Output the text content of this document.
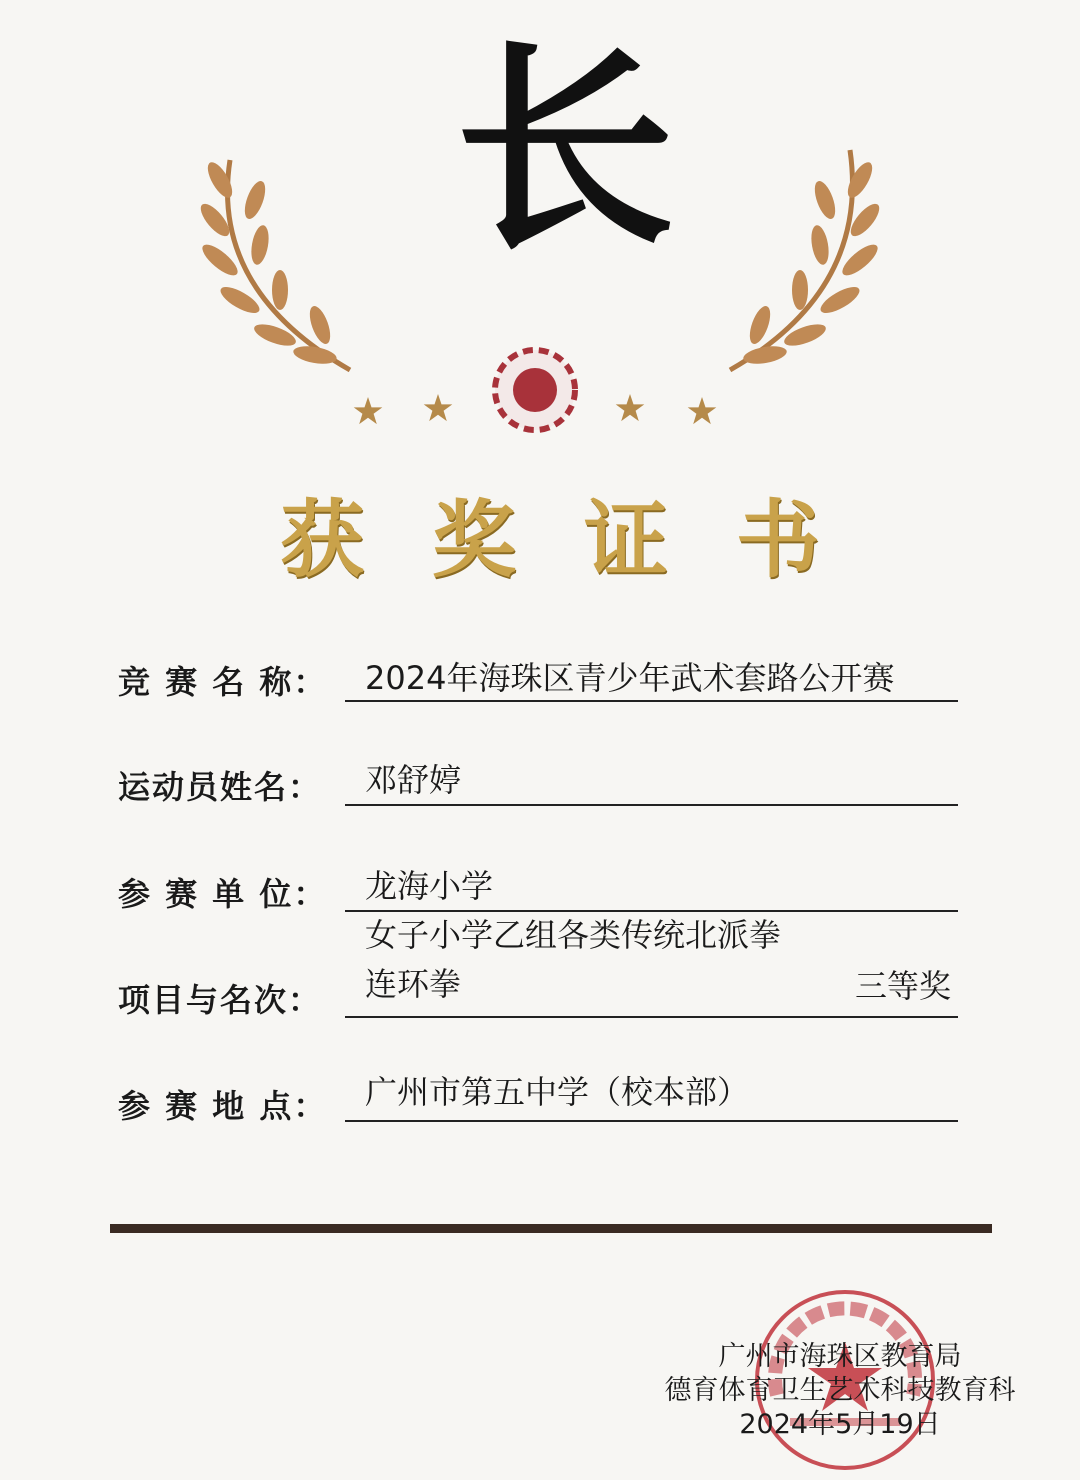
长
获 奖 证 书
竞 赛 名 称： 2024年海珠区青少年武术套路公开赛
运动员姓名： 邓舒婷
参 赛 单 位： 龙海小学
女子小学乙组各类传统北派拳
项目与名次： 连环拳	三等奖
参 赛 地 点： 广州市第五中学（校本部）
广州市海珠区教育局
德育体育卫生艺术科技教育科
2024年5月19日
